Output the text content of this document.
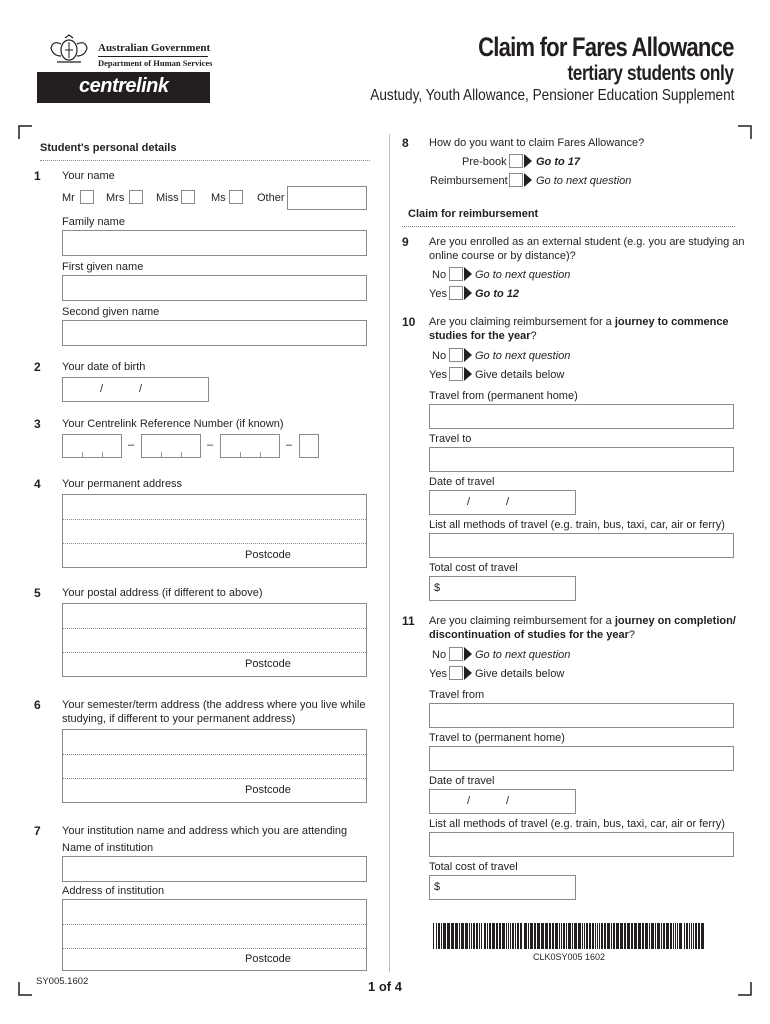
Australian Government
Department of Human Services
centrelink
Claim for Fares Allowance
tertiary students only
Austudy, Youth Allowance, Pensioner Education Supplement
Student's personal details
1 Your name
Mr	Mrs	Miss	Ms	Other
Family name
First given name
Second given name
2 Your date of birth
/	/
3 Your Centrelink Reference Number (if known)
–	–	–
4 Your permanent address
Postcode
5 Your postal address (if different to above)
Postcode
6 Your semester/term address (the address where you live while
studying, if different to your permanent address)
Postcode
7 Your institution name and address which you are attending
Name of institution
Address of institution
Postcode
8 How do you want to claim Fares Allowance?
Pre-book	Go to 17
Reimbursement	Go to next question
Claim for reimbursement
9 Are you enrolled as an external student (e.g. you are studying an
online course or by distance)?
No	Go to next question
Yes	Go to 12
10 Are you claiming reimbursement for a journey to commence
studies for the year?
No	Go to next question
Yes	Give details below
Travel from (permanent home)
Travel to
Date of travel
/	/
List all methods of travel (e.g. train, bus, taxi, car, air or ferry)
Total cost of travel
$
11 Are you claiming reimbursement for a journey on completion/
discontinuation of studies for the year?
No	Go to next question
Yes	Give details below
Travel from
Travel to (permanent home)
Date of travel
/	/
List all methods of travel (e.g. train, bus, taxi, car, air or ferry)
Total cost of travel
$
CLK0SY005 1602
SY005.1602	1 of 4
